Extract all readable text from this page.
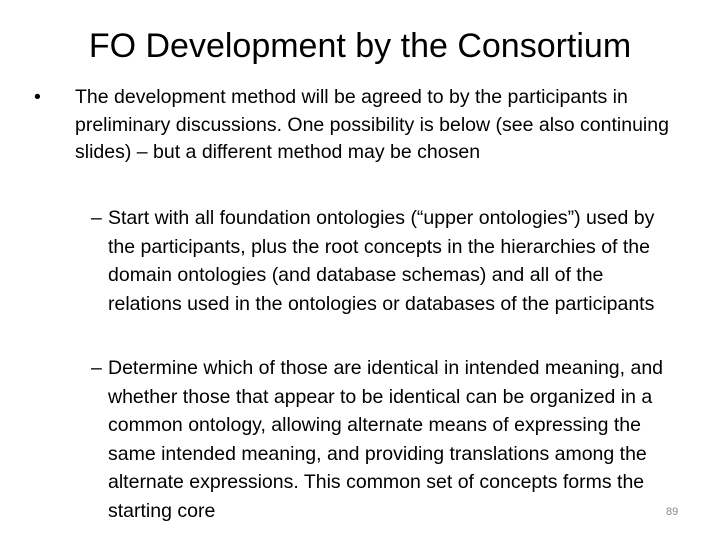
FO Development by the Consortium
•	The development method will be agreed to by the participants in preliminary discussions. One possibility is below (see also continuing slides) – but a different method may be chosen
– Start with all foundation ontologies (“upper ontologies”) used by the participants, plus the root concepts in the hierarchies of the domain ontologies (and database schemas) and all of the relations used in the ontologies or databases of the participants
– Determine which of those are identical in intended meaning, and whether those that appear to be identical can be organized in a common ontology, allowing alternate means of expressing the same intended meaning, and providing translations among the alternate expressions. This common set of concepts forms the starting core	89
